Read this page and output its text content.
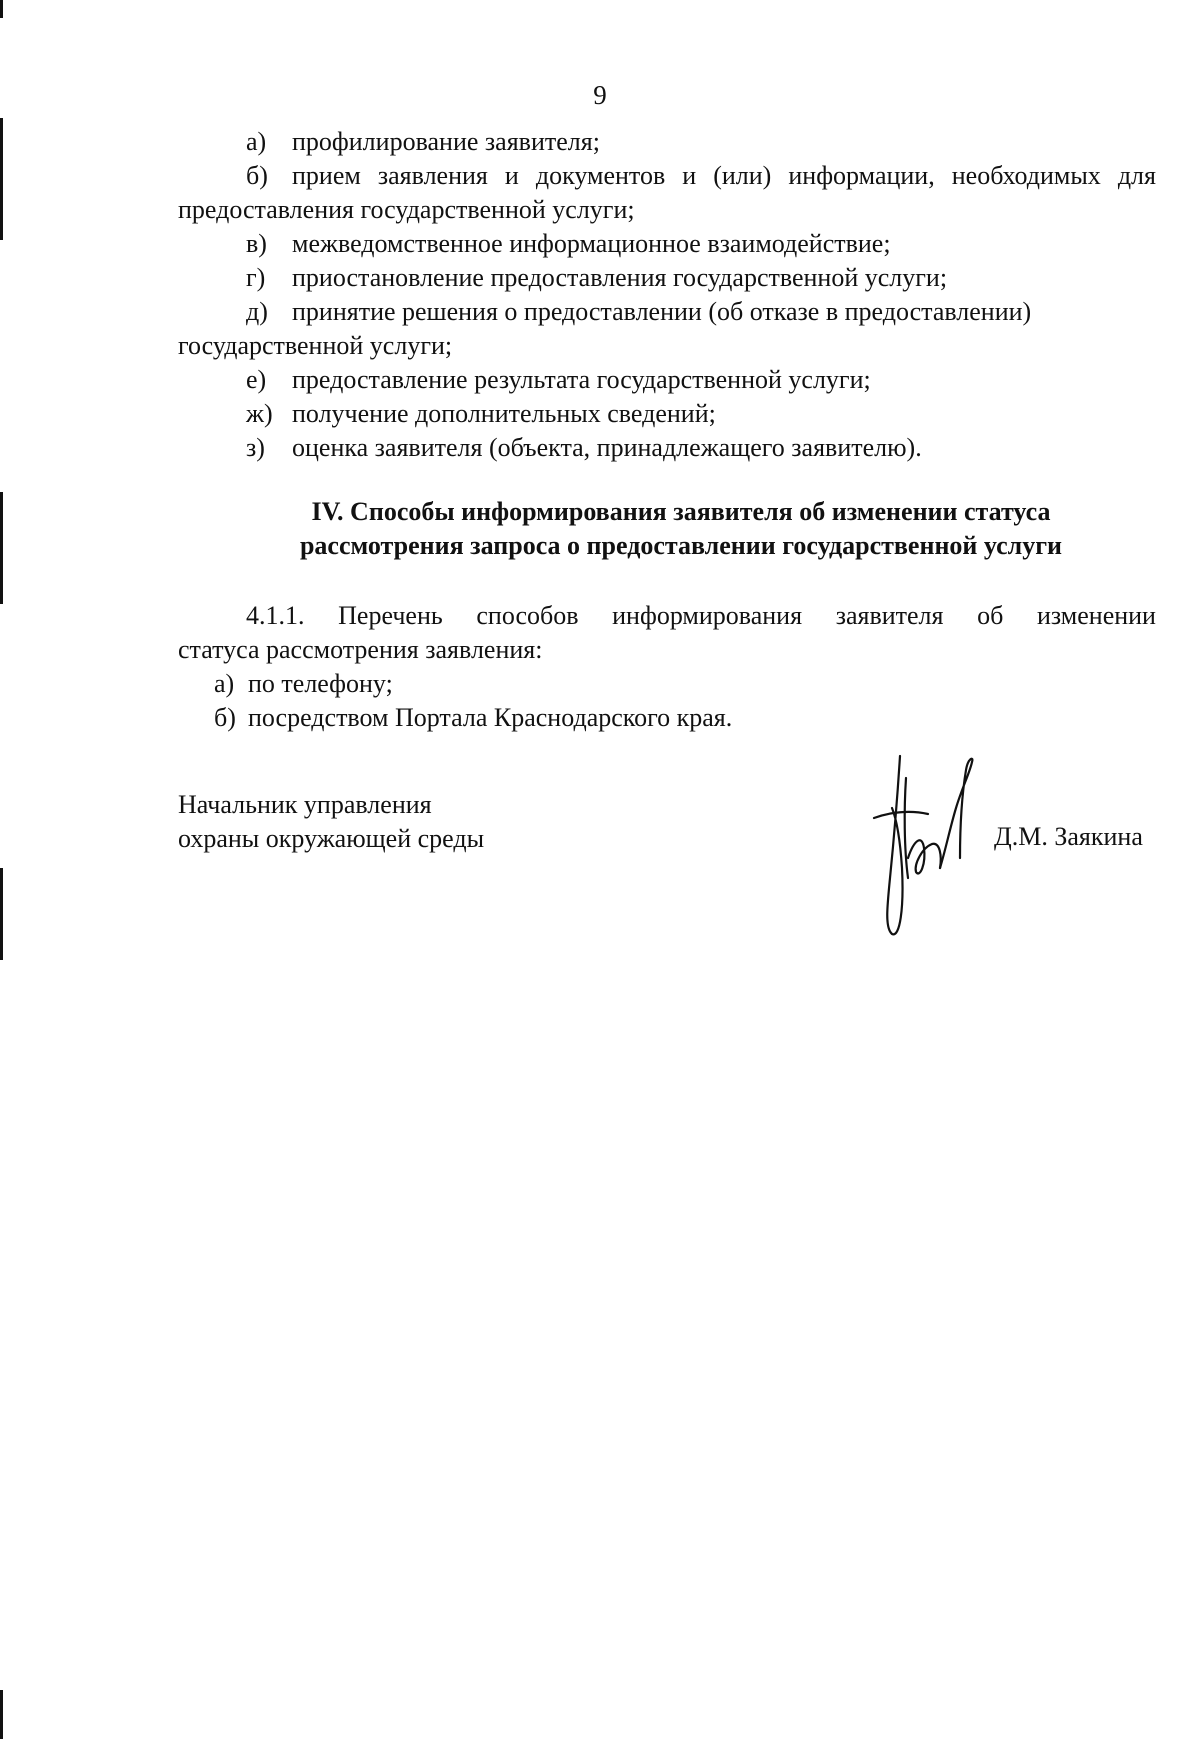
9
а) профилирование заявителя;
б) прием заявления и документов и (или) информации, необходимых для
предоставления государственной услуги;
в) межведомственное информационное взаимодействие;
г) приостановление предоставления государственной услуги;
д) принятие решения о предоставлении (об отказе в предоставлении)
государственной услуги;
е) предоставление результата государственной услуги;
ж) получение дополнительных сведений;
з) оценка заявителя (объекта, принадлежащего заявителю).
IV. Способы информирования заявителя об изменении статуса
рассмотрения запроса о предоставлении государственной услуги
4.1.1. Перечень способов информирования заявителя об изменении
статуса рассмотрения заявления:
а) по телефону;
б) посредством Портала Краснодарского края.
Начальник управления
охраны окружающей среды	Д.М. Заякина
